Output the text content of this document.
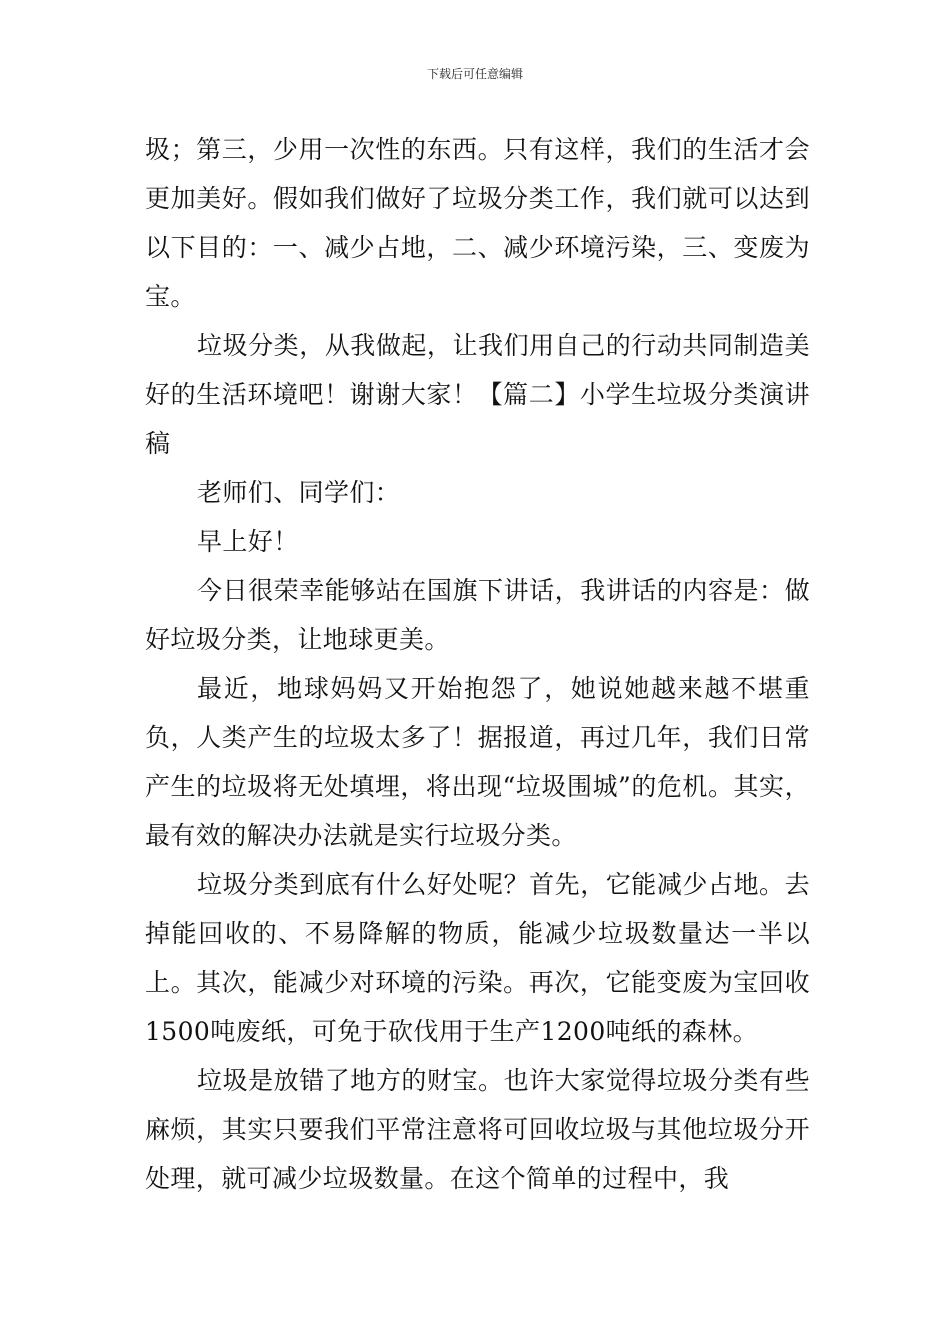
下载后可任意编辑

圾；第三，少用一次性的东西。只有这样，我们的生活才会更加美好。假如我们做好了垃圾分类工作，我们就可以达到以下目的：一、减少占地，二、减少环境污染，三、变废为宝。

垃圾分类，从我做起，让我们用自己的行动共同制造美好的生活环境吧！谢谢大家！【篇二】小学生垃圾分类演讲稿

老师们、同学们：

早上好！

今日很荣幸能够站在国旗下讲话，我讲话的内容是：做好垃圾分类，让地球更美。

最近，地球妈妈又开始抱怨了，她说她越来越不堪重负，人类产生的垃圾太多了！据报道，再过几年，我们日常产生的垃圾将无处填埋，将出现“垃圾围城”的危机。其实，最有效的解决办法就是实行垃圾分类。

垃圾分类到底有什么好处呢？首先，它能减少占地。去掉能回收的、不易降解的物质，能减少垃圾数量达一半以上。其次，能减少对环境的污染。再次，它能变废为宝回收1500吨废纸，可免于砍伐用于生产1200吨纸的森林。

垃圾是放错了地方的财宝。也许大家觉得垃圾分类有些麻烦，其实只要我们平常注意将可回收垃圾与其他垃圾分开处理，就可减少垃圾数量。在这个简单的过程中，我
